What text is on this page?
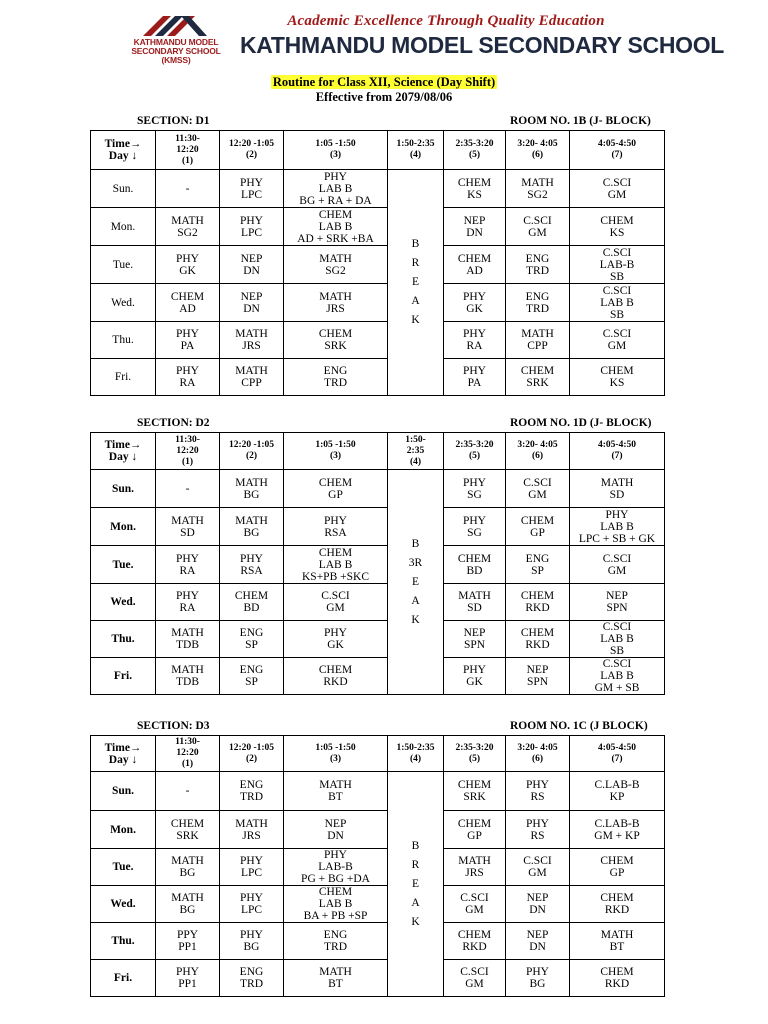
KATHMANDU MODEL
SECONDARY SCHOOL
(KMSS)
Academic Excellence Through Quality Education
KATHMANDU MODEL SECONDARY SCHOOL
Routine for Class XII, Science (Day Shift)
Effective from 2079/08/06
SECTION: D1	ROOM NO. 1B (J- BLOCK)
Time→
Day ↓	11:30-
12:20
(1)	12:20 -1:05
(2)	1:05 -1:50
(3)	1:50-2:35
(4)	2:35-3:20
(5)	3:20- 4:05
(6)	4:05-4:50
(7)

Sun.	-	PHY
LPC	PHY
LAB B
BG + RA + DA	B
R
E
A
K	CHEM
KS	MATH
SG2	C.SCI
GM

Mon.	MATH
SG2	PHY
LPC	CHEM
LAB B
AD + SRK +BA		NEP
DN	C.SCI
GM	CHEM
KS

Tue.	PHY
GK	NEP
DN	MATH
SG2		CHEM
AD	ENG
TRD	C.SCI
LAB-B
SB

Wed.	CHEM
AD	NEP
DN	MATH
JRS		PHY
GK	ENG
TRD	C.SCI
LAB B
SB

Thu.	PHY
PA	MATH
JRS	CHEM
SRK		PHY
RA	MATH
CPP	C.SCI
GM

Fri.	PHY
RA	MATH
CPP	ENG
TRD		PHY
PA	CHEM
SRK	CHEM
KS
SECTION: D2	ROOM NO. 1D (J- BLOCK)
Time→
Day ↓	11:30-
12:20
(1)	12:20 -1:05
(2)	1:05 -1:50
(3)	1:50-
2:35
(4)	2:35-3:20
(5)	3:20- 4:05
(6)	4:05-4:50
(7)

Sun.	-	MATH
BG	CHEM
GP	B
3R
E
A
K	PHY
SG	C.SCI
GM	MATH
SD

Mon.	MATH
SD	MATH
BG	PHY
RSA		PHY
SG	CHEM
GP	PHY
LAB B
LPC + SB + GK

Tue.	PHY
RA	PHY
RSA	CHEM
LAB B
KS+PB +SKC		CHEM
BD	ENG
SP	C.SCI
GM

Wed.	PHY
RA	CHEM
BD	C.SCI
GM		MATH
SD	CHEM
RKD	NEP
SPN

Thu.	MATH
TDB	ENG
SP	PHY
GK		NEP
SPN	CHEM
RKD	C.SCI
LAB B
SB

Fri.	MATH
TDB	ENG
SP	CHEM
RKD		PHY
GK	NEP
SPN	C.SCI
LAB B
GM + SB
SECTION: D3	ROOM NO. 1C (J BLOCK)
Time→
Day ↓	11:30-
12:20
(1)	12:20 -1:05
(2)	1:05 -1:50
(3)	1:50-2:35
(4)	2:35-3:20
(5)	3:20- 4:05
(6)	4:05-4:50
(7)

Sun.	-	ENG
TRD	MATH
BT	B
R
E
A
K	CHEM
SRK	PHY
RS	C.LAB-B
KP

Mon.	CHEM
SRK	MATH
JRS	NEP
DN		CHEM
GP	PHY
RS	C.LAB-B
GM + KP

Tue.	MATH
BG	PHY
LPC	PHY
LAB-B
PG + BG +DA		MATH
JRS	C.SCI
GM	CHEM
GP

Wed.	MATH
BG	PHY
LPC	CHEM
LAB B
BA + PB +SP		C.SCI
GM	NEP
DN	CHEM
RKD

Thu.	PPY
PP1	PHY
BG	ENG
TRD		CHEM
RKD	NEP
DN	MATH
BT

Fri.	PHY
PP1	ENG
TRD	MATH
BT		C.SCI
GM	PHY
BG	CHEM
RKD
